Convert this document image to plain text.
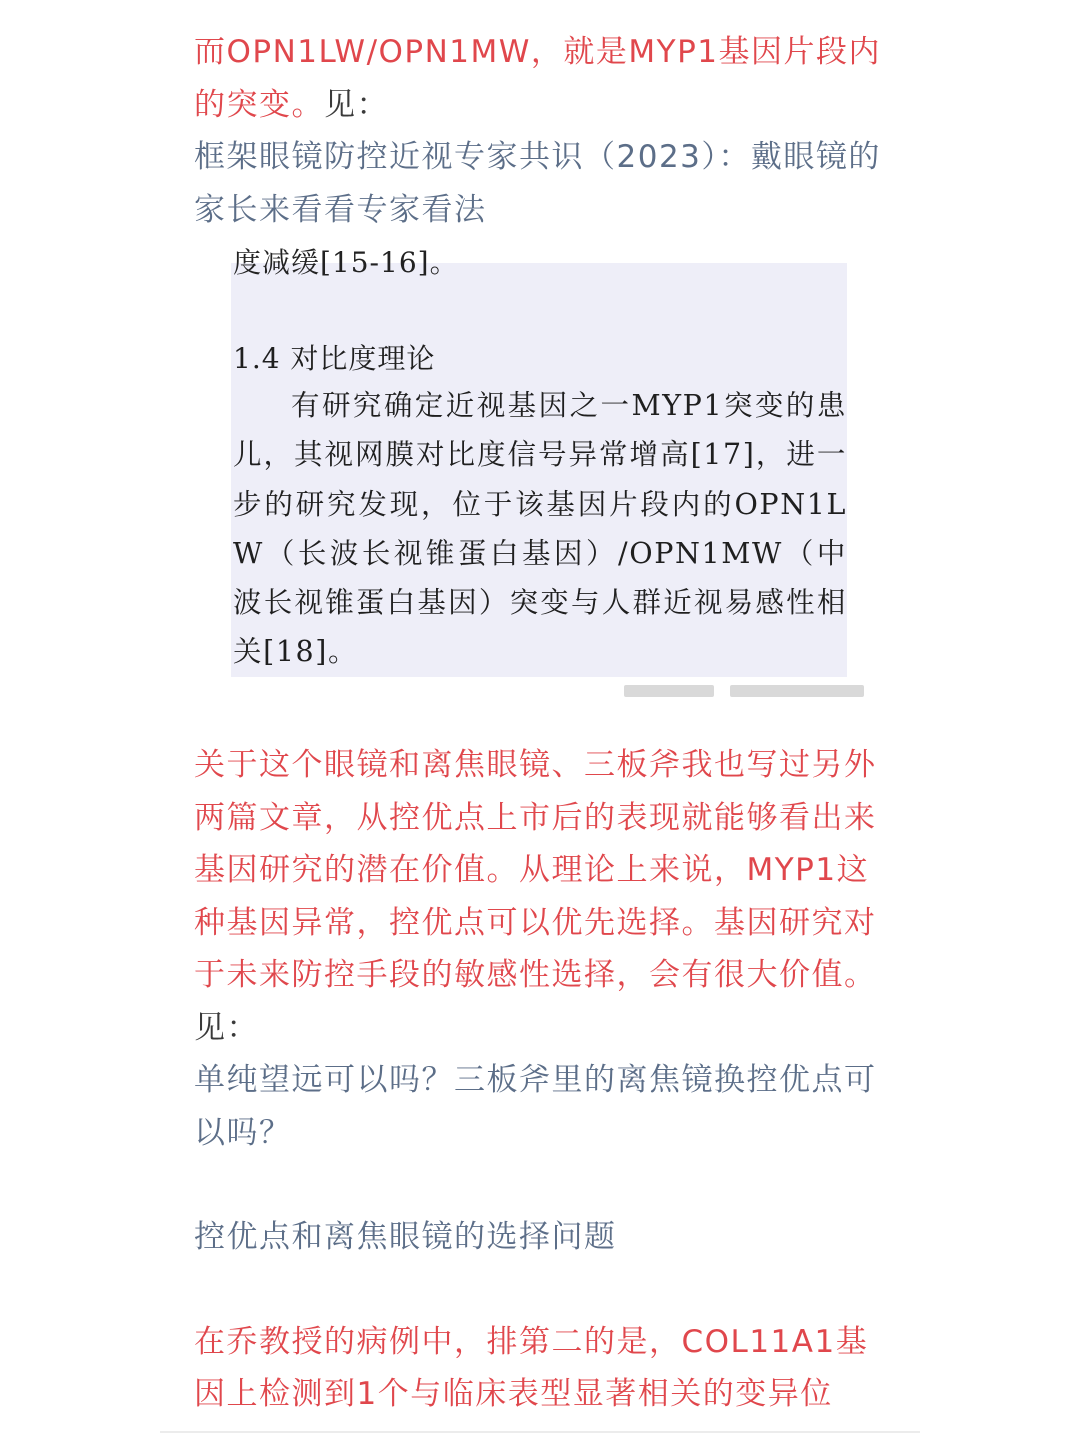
而OPN1LW/OPN1MW，就是MYP1基因片段内的突变。见：
框架眼镜防控近视专家共识（2023）：戴眼镜的家长来看看专家看法

度减缓[15-16]。
1.4 对比度理论

有研究确定近视基因之一MYP1突变的患儿，其视网膜对比度信号异常增高[17]，进一步的研究发现，位于该基因片段内的OPN1LW（长波长视锥蛋白基因）/OPN1MW（中波长视锥蛋白基因）突变与人群近视易感性相关[18]。

关于这个眼镜和离焦眼镜、三板斧我也写过另外两篇文章，从控优点上市后的表现就能够看出来基因研究的潜在价值。从理论上来说，MYP1这种基因异常，控优点可以优先选择。基因研究对于未来防控手段的敏感性选择，会有很大价值。见：
单纯望远可以吗？三板斧里的离焦镜换控优点可以吗？

控优点和离焦眼镜的选择问题

在乔教授的病例中，排第二的是，COL11A1基因上检测到1个与临床表型显著相关的变异位
